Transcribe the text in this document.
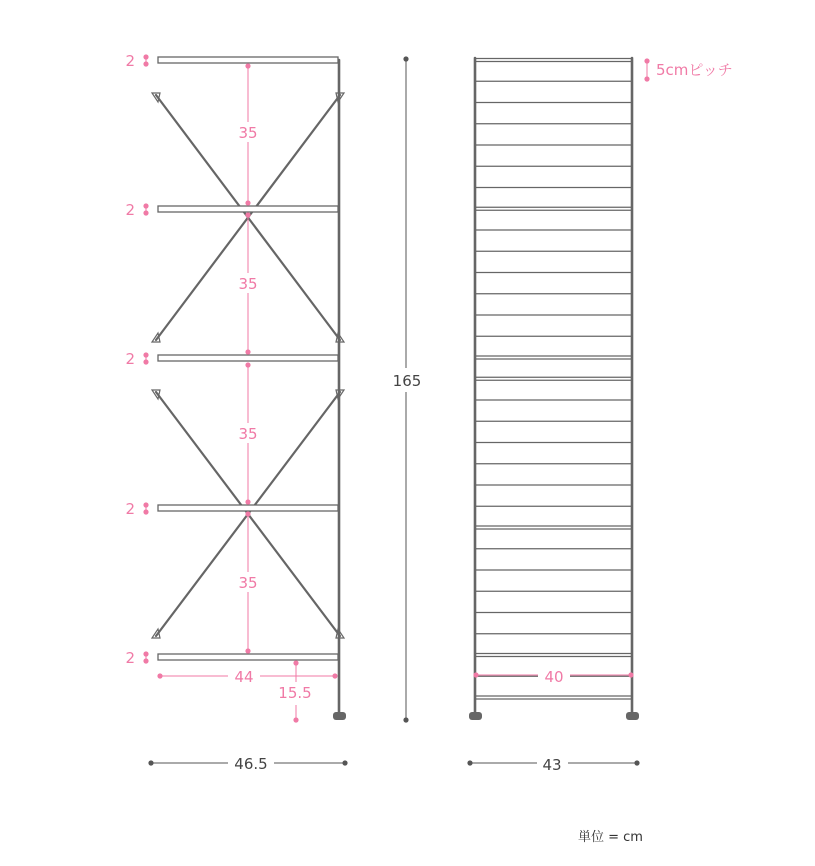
2
2
2
2
2
35
35
35
35
44
15.5
46.5
165
5cmピッチ
40
43
単位 = cm
